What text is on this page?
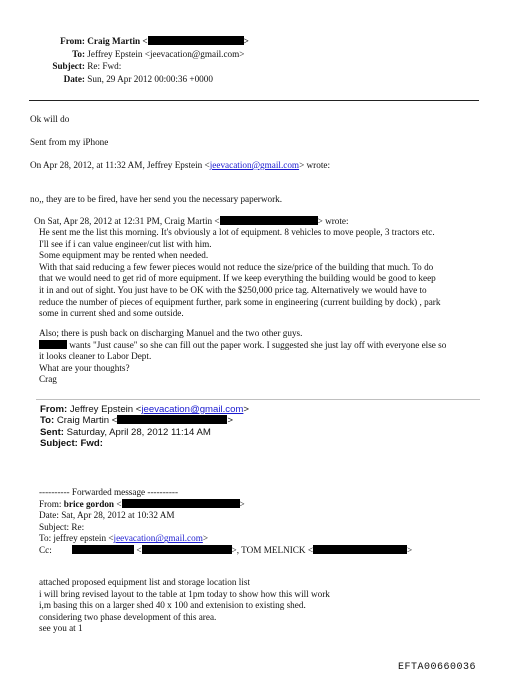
From: Craig Martin <	>
To: Jeffrey Epstein <jeevacation@gmail.com>
Subject: Re: Fwd:
Date: Sun, 29 Apr 2012 00:00:36 +0000
Ok will do
Sent from my iPhone
On Apr 28, 2012, at 11:32 AM, Jeffrey Epstein <jeevacation@gmail.com> wrote:
no,, they are to be fired, have her send you the necessary paperwork.
On Sat, Apr 28, 2012 at 12:31 PM, Craig Martin <	> wrote:
He sent me the list this morning. It's obviously a lot of equipment. 8 vehicles to move people, 3 tractors etc.
I'll see if i can value engineer/cut list with him.
Some equipment may be rented when needed.
With that said reducing a few fewer pieces would not reduce the size/price of the building that much. To do
that we would need to get rid of more equipment. If we keep everything the building would be good to keep
it in and out of sight. You just have to be OK with the $250,000 price tag. Alternatively we would have to
reduce the number of pieces of equipment further, park some in engineering (current building by dock) , park
some in current shed and some outside.
Also; there is push back on discharging Manuel and the two other guys.
wants "Just cause" so she can fill out the paper work. I suggested she just lay off with everyone else so
it looks cleaner to Labor Dept.
What are your thoughts?
Crag
From: Jeffrey Epstein <jeevacation@gmail.com>
To: Craig Martin <	>
Sent: Saturday, April 28, 2012 11:14 AM
Subject: Fwd:
---------- Forwarded message ----------
From: brice gordon <	>
Date: Sat, Apr 28, 2012 at 10:32 AM
Subject: Re:
To: jeffrey epstein <jeevacation@gmail.com>
Cc:	<	>, TOM MELNICK <	>
attached proposed equipment list and storage location list
i will bring revised layout to the table at 1pm today to show how this will work
i,m basing this on a larger shed 40 x 100 and extenision to existing shed.
considering two phase development of this area.
see you at 1
EFTA00660036
